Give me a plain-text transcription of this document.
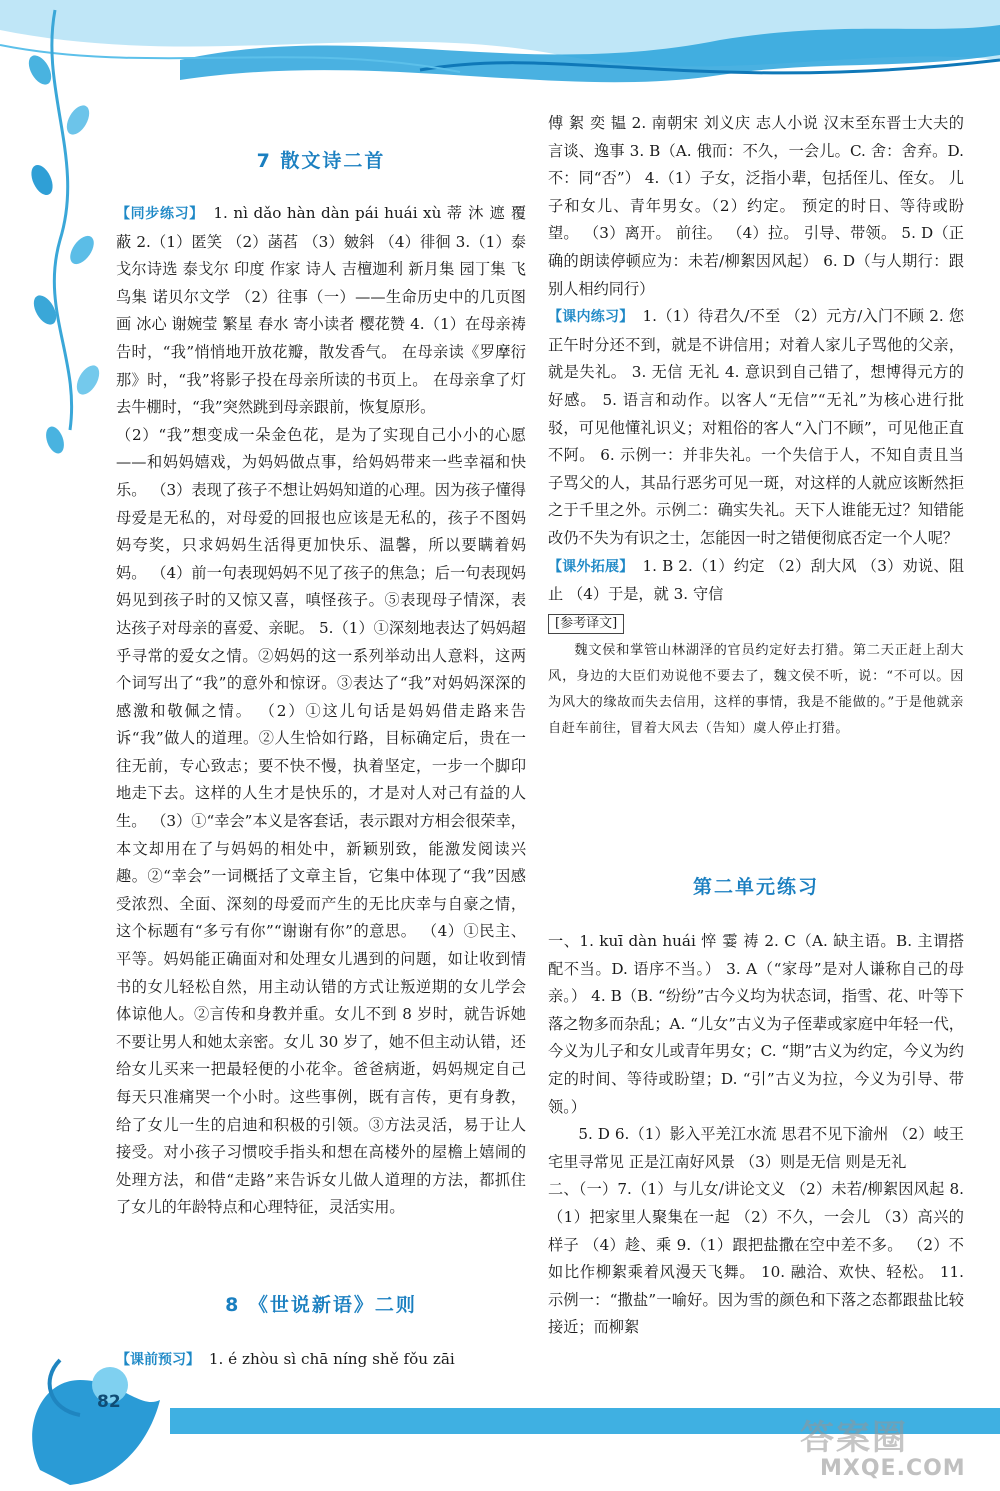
7 散文诗二首

【同步练习】 1. nì dǎo hàn dàn pái huái xù 蒂 沐 遮 覆 蔽 2.（1）匿笑 （2）菡萏 （3）皴斜 （4）徘徊 3.（1）泰戈尔诗选 泰戈尔 印度 作家 诗人 吉檀迦利 新月集 园丁集 飞鸟集 诺贝尔文学 （2）往事（一）——生命历史中的几页图画 冰心 谢婉莹 繁星 春水 寄小读者 樱花赞 4.（1）在母亲祷告时，“我”悄悄地开放花瓣，散发香气。 在母亲读《罗摩衍那》时，“我”将影子投在母亲所读的书页上。 在母亲拿了灯去牛棚时，“我”突然跳到母亲跟前，恢复原形。

（2）“我”想变成一朵金色花，是为了实现自己小小的心愿——和妈妈嬉戏，为妈妈做点事，给妈妈带来一些幸福和快乐。 （3）表现了孩子不想让妈妈知道的心理。因为孩子懂得母爱是无私的，对母爱的回报也应该是无私的，孩子不图妈妈夸奖，只求妈妈生活得更加快乐、温馨，所以要瞒着妈妈。 （4）前一句表现妈妈不见了孩子的焦急；后一句表现妈妈见到孩子时的又惊又喜，嗔怪孩子。⑤表现母子情深，表达孩子对母亲的喜爱、亲昵。 5.（1）①深刻地表达了妈妈超乎寻常的爱女之情。②妈妈的这一系列举动出人意料，这两个词写出了“我”的意外和惊讶。③表达了“我”对妈妈深深的感激和敬佩之情。 （2）①这儿句话是妈妈借走路来告诉“我”做人的道理。②人生恰如行路，目标确定后，贵在一往无前，专心致志；要不快不慢，执着坚定，一步一个脚印地走下去。这样的人生才是快乐的，才是对人对己有益的人生。 （3）①“幸会”本义是客套话，表示跟对方相会很荣幸，本文却用在了与妈妈的相处中，新颖别致，能激发阅读兴趣。②“幸会”一词概括了文章主旨，它集中体现了“我”因感受浓烈、全面、深刻的母爱而产生的无比庆幸与自豪之情，这个标题有“多亏有你”“谢谢有你”的意思。 （4）①民主、平等。妈妈能正确面对和处理女儿遇到的问题，如让收到情书的女儿轻松自然，用主动认错的方式让叛逆期的女儿学会体谅他人。②言传和身教并重。女儿不到 8 岁时，就告诉她不要让男人和她太亲密。女儿 30 岁了，她不但主动认错，还给女儿买来一把最轻便的小花伞。爸爸病逝，妈妈规定自己每天只准痛哭一个小时。这些事例，既有言传，更有身教，给了女儿一生的启迪和积极的引领。③方法灵活，易于让人接受。对小孩子习惯咬手指头和想在高楼外的屋檐上嬉闹的处理方法，和借“走路”来告诉女儿做人道理的方法，都抓住了女儿的年龄特点和心理特征，灵活实用。

8 《世说新语》二则

【课前预习】 1. é zhòu sì chā níng shě fǒu zāi

傅 絮 奕 韫 2. 南朝宋 刘义庆 志人小说 汉末至东晋士大夫的言谈、逸事 3. B（A. 俄而：不久，一会儿。C. 舍：舍弃。D. 不：同“否”） 4.（1）子女，泛指小辈，包括侄儿、侄女。 儿子和女儿、青年男女。（2）约定。 预定的时日、等待或盼望。 （3）离开。 前往。 （4）拉。 引导、带领。 5. D（正确的朗读停顿应为：未若/柳絮因风起） 6. D（与人期行：跟别人相约同行）

【课内练习】 1.（1）待君久/不至 （2）元方/入门不顾 2. 您正午时分还不到，就是不讲信用；对着人家儿子骂他的父亲，就是失礼。 3. 无信 无礼 4. 意识到自己错了，想博得元方的好感。 5. 语言和动作。以客人“无信”“无礼”为核心进行批驳，可见他懂礼识义；对粗俗的客人“入门不顾”，可见他正直不阿。 6. 示例一：并非失礼。一个失信于人，不知自责且当子骂父的人，其品行恶劣可见一斑，对这样的人就应该断然拒之于千里之外。示例二：确实失礼。天下人谁能无过？知错能改仍不失为有识之士，怎能因一时之错便彻底否定一个人呢？

【课外拓展】 1. B 2.（1）约定 （2）刮大风 （3）劝说、阻止 （4）于是，就 3. 守信

[参考译文]

魏文侯和掌管山林湖泽的官员约定好去打猎。第二天正赶上刮大风，身边的大臣们劝说他不要去了，魏文侯不听，说：“不可以。因为风大的缘故而失去信用，这样的事情，我是不能做的。”于是他就亲自赶车前往，冒着大风去（告知）虞人停止打猎。

第二单元练习

一、1. kuī dàn huái 悴 霎 祷 2. C（A. 缺主语。B. 主谓搭配不当。D. 语序不当。） 3. A（“家母”是对人谦称自己的母亲。） 4. B（B. “纷纷”古今义均为状态词，指雪、花、叶等下落之物多而杂乱；A. “儿女”古义为子侄辈或家庭中年轻一代，今义为儿子和女儿或青年男女；C. “期”古义为约定，今义为约定的时间、等待或盼望；D. “引”古义为拉，今义为引导、带领。）

5. D 6.（1）影入平羌江水流 思君不见下渝州 （2）岐王宅里寻常见 正是江南好风景 （3）则是无信 则是无礼

二、（一）7.（1）与儿女/讲论文义 （2）未若/柳絮因风起 8.（1）把家里人聚集在一起 （2）不久，一会儿 （3）高兴的样子 （4）趁、乘 9.（1）跟把盐撒在空中差不多。 （2）不如比作柳絮乘着风漫天飞舞。 10. 融洽、欢快、轻松。 11. 示例一：“撒盐”一喻好。因为雪的颜色和下落之态都跟盐比较接近；而柳絮

82
答案圈
MXQE.COM
